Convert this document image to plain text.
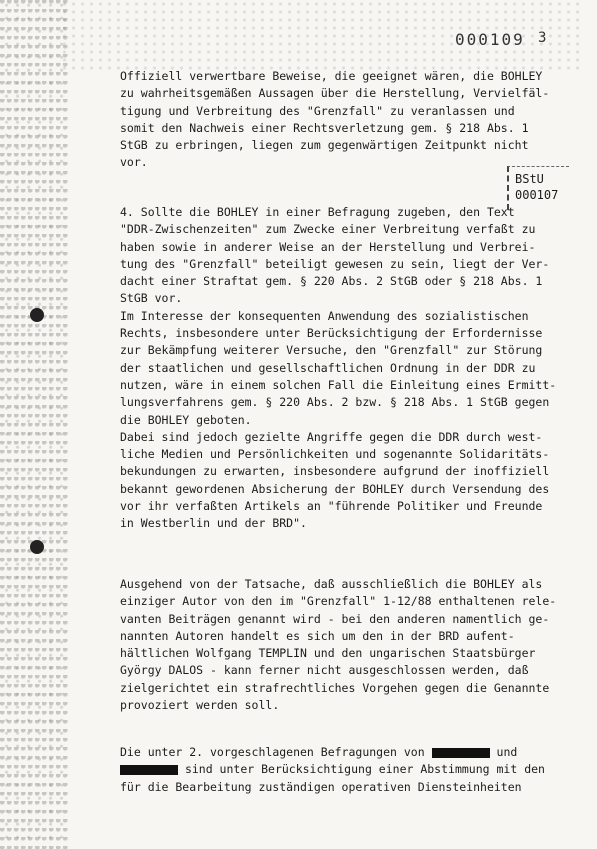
000109 3
BStU
000107

Offiziell verwertbare Beweise, die geeignet wären, die BOHLEY

zu wahrheitsgemäßen Aussagen über die Herstellung, Vervielfäl-

tigung und Verbreitung des "Grenzfall" zu veranlassen und

somit den Nachweis einer Rechtsverletzung gem. § 218 Abs. 1

StGB zu erbringen, liegen zum gegenwärtigen Zeitpunkt nicht

vor.

4. Sollte die BOHLEY in einer Befragung zugeben, den Text

"DDR-Zwischenzeiten" zum Zwecke einer Verbreitung verfaßt zu

haben sowie in anderer Weise an der Herstellung und Verbrei-

tung des "Grenzfall" beteiligt gewesen zu sein, liegt der Ver-

dacht einer Straftat gem. § 220 Abs. 2 StGB oder § 218 Abs. 1

StGB vor.

Im Interesse der konsequenten Anwendung des sozialistischen

Rechts, insbesondere unter Berücksichtigung der Erfordernisse

zur Bekämpfung weiterer Versuche, den "Grenzfall" zur Störung

der staatlichen und gesellschaftlichen Ordnung in der DDR zu

nutzen, wäre in einem solchen Fall die Einleitung eines Ermitt-

lungsverfahrens gem. § 220 Abs. 2 bzw. § 218 Abs. 1 StGB gegen

die BOHLEY geboten.

Dabei sind jedoch gezielte Angriffe gegen die DDR durch west-

liche Medien und Persönlichkeiten und sogenannte Solidaritäts-

bekundungen zu erwarten, insbesondere aufgrund der inoffiziell

bekannt gewordenen Absicherung der BOHLEY durch Versendung des

vor ihr verfaßten Artikels an "führende Politiker und Freunde

in Westberlin und der BRD".

Ausgehend von der Tatsache, daß ausschließlich die BOHLEY als

einziger Autor von den im "Grenzfall" 1-12/88 enthaltenen rele-

vanten Beiträgen genannt wird - bei den anderen namentlich ge-

nannten Autoren handelt es sich um den in der BRD aufent-

hältlichen Wolfgang TEMPLIN und den ungarischen Staatsbürger

György DALOS - kann ferner nicht ausgeschlossen werden, daß

zielgerichtet ein strafrechtliches Vorgehen gegen die Genannte

provoziert werden soll.

Die unter 2. vorgeschlagenen Befragungen von	und

sind unter Berücksichtigung einer Abstimmung mit den

für die Bearbeitung zuständigen operativen Diensteinheiten
